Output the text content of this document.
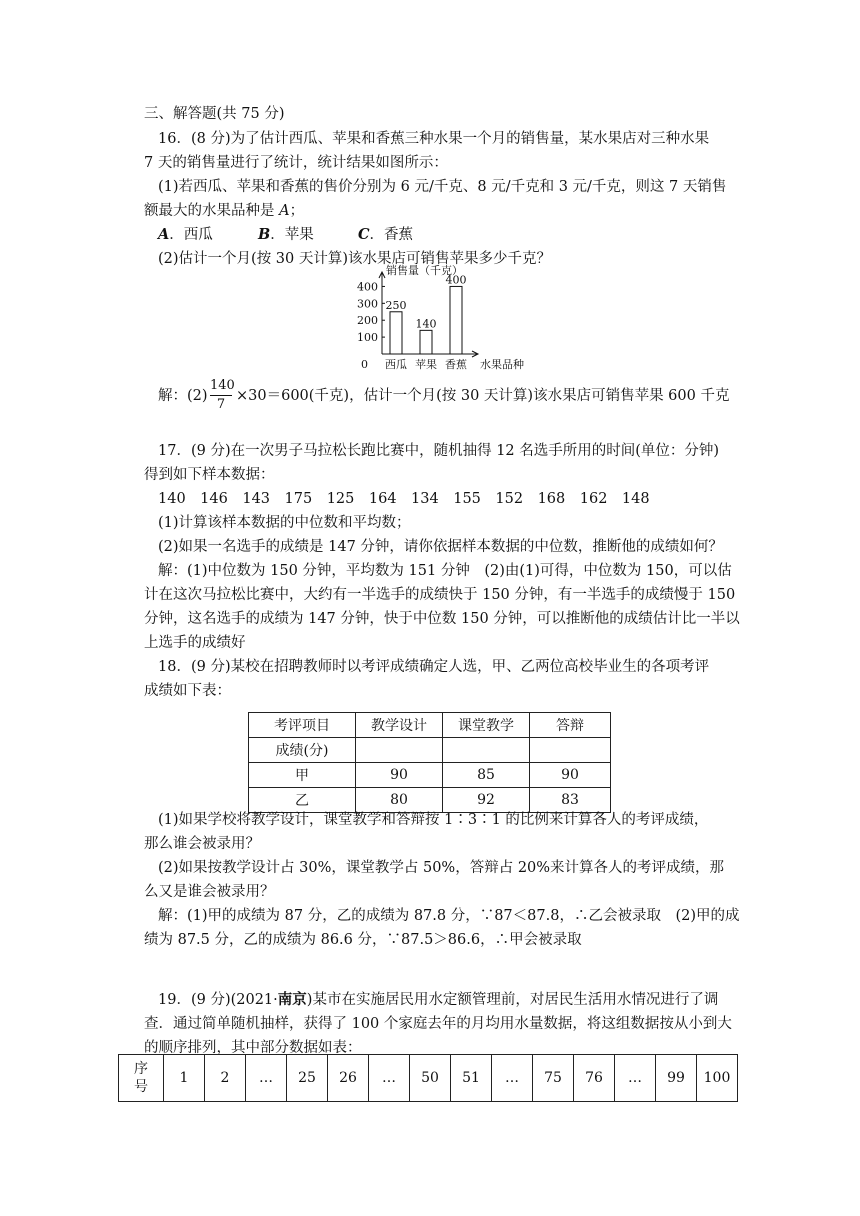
三、解答题(共 75 分)
16．(8 分)为了估计西瓜、苹果和香蕉三种水果一个月的销售量，某水果店对三种水果
7 天的销售量进行了统计，统计结果如图所示：
(1)若西瓜、苹果和香蕉的售价分别为 6 元/千克、8 元/千克和 3 元/千克，则这 7 天销售
额最大的水果品种是 A；
A．西瓜	B．苹果	C．香蕉
(2)估计一个月(按 30 天计算)该水果店可销售苹果多少千克？
400
300
200
100
0
销售量（千克）
250
西瓜
140
苹果
400
香蕉 水果品种
解：(2)
140
7
×30＝600(千克)，估计一个月(按 30 天计算)该水果店可销售苹果 600 千克
17．(9 分)在一次男子马拉松长跑比赛中，随机抽得 12 名选手所用的时间(单位：分钟)
得到如下样本数据：
140　146　143　175　125　164　134　155　152　168　162　148
(1)计算该样本数据的中位数和平均数；
(2)如果一名选手的成绩是 147 分钟，请你依据样本数据的中位数，推断他的成绩如何？
解：(1)中位数为 150 分钟，平均数为 151 分钟　(2)由(1)可得，中位数为 150，可以估
计在这次马拉松比赛中，大约有一半选手的成绩快于 150 分钟，有一半选手的成绩慢于 150
分钟，这名选手的成绩为 147 分钟，快于中位数 150 分钟，可以推断他的成绩估计比一半以
上选手的成绩好
18．(9 分)某校在招聘教师时以考评成绩确定人选，甲、乙两位高校毕业生的各项考评
成绩如下表：
考评项目	教学设计	课堂教学	答辩
成绩(分)			
甲	90	85	90
乙	80	92	83
(1)如果学校将教学设计，课堂教学和答辩按 1∶3∶1 的比例来计算各人的考评成绩，
那么谁会被录用？
(2)如果按教学设计占 30%，课堂教学占 50%，答辩占 20%来计算各人的考评成绩，那
么又是谁会被录用？
解：(1)甲的成绩为 87 分，乙的成绩为 87.8 分，∵87＜87.8，∴乙会被录取　(2)甲的成
绩为 87.5 分，乙的成绩为 86.6 分，∵87.5＞86.6，∴甲会被录取
19．(9 分)(2021·南京)某市在实施居民用水定额管理前，对居民生活用水情况进行了调
查．通过简单随机抽样，获得了 100 个家庭去年的月均用水量数据，将这组数据按从小到大
的顺序排列，其中部分数据如表：
序
号
	1	2	…	25	26	…	50	51	…	75	76	…	99	100
